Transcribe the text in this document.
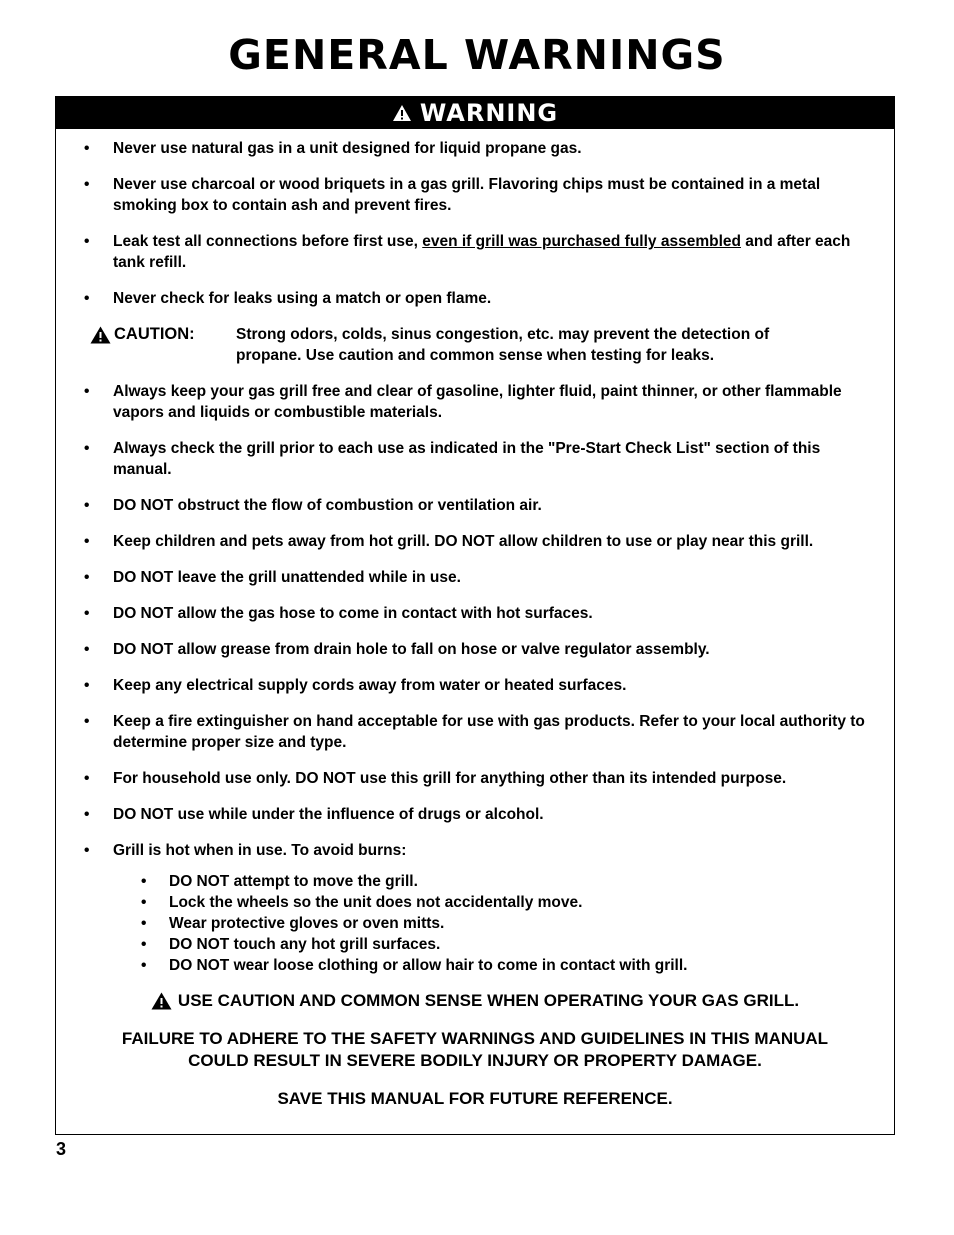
GENERAL WARNINGS
WARNING
• Never use natural gas in a unit designed for liquid propane gas.
• Never use charcoal or wood briquets in a gas grill. Flavoring chips must be contained in a metal smoking box to contain ash and prevent fires.
• Leak test all connections before first use, even if grill was purchased fully assembled and after each tank refill.
• Never check for leaks using a match or open flame.
CAUTION:	Strong odors, colds, sinus congestion, etc. may prevent the detection of propane. Use caution and common sense when testing for leaks.
• Always keep your gas grill free and clear of gasoline, lighter fluid, paint thinner, or other flammable vapors and liquids or combustible materials.
• Always check the grill prior to each use as indicated in the "Pre-Start Check List" section of this manual.
• DO NOT obstruct the flow of combustion or ventilation air.
• Keep children and pets away from hot grill. DO NOT allow children to use or play near this grill.
• DO NOT leave the grill unattended while in use.
• DO NOT allow the gas hose to come in contact with hot surfaces.
• DO NOT allow grease from drain hole to fall on hose or valve regulator assembly.
• Keep any electrical supply cords away from water or heated surfaces.
• Keep a fire extinguisher on hand acceptable for use with gas products. Refer to your local authority to determine proper size and type.
• For household use only. DO NOT use this grill for anything other than its intended purpose.
• DO NOT use while under the influence of drugs or alcohol.
• Grill is hot when in use. To avoid burns:
• DO NOT attempt to move the grill.
• Lock the wheels so the unit does not accidentally move.
• Wear protective gloves or oven mitts.
• DO NOT touch any hot grill surfaces.
• DO NOT wear loose clothing or allow hair to come in contact with grill.
USE CAUTION AND COMMON SENSE WHEN OPERATING YOUR GAS GRILL.
FAILURE TO ADHERE TO THE SAFETY WARNINGS AND GUIDELINES IN THIS MANUAL
COULD RESULT IN SEVERE BODILY INJURY OR PROPERTY DAMAGE.
SAVE THIS MANUAL FOR FUTURE REFERENCE.
3
